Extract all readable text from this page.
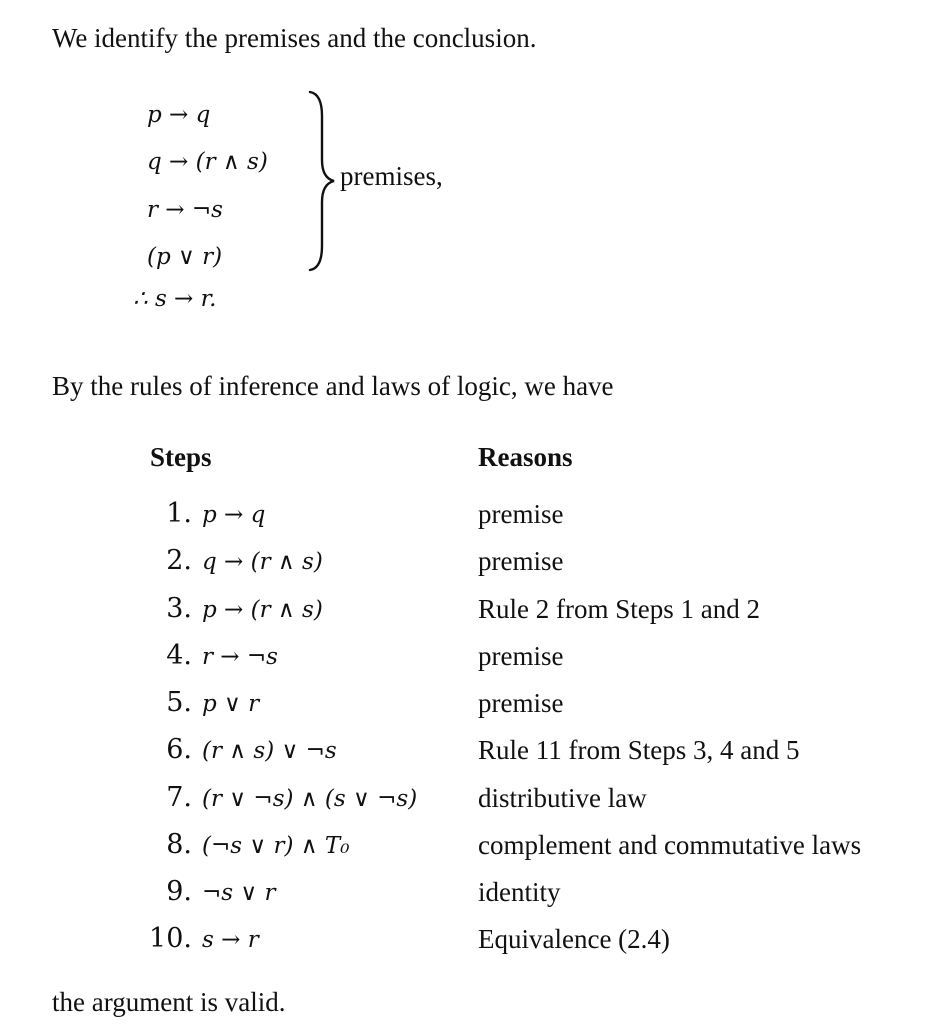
We identify the premises and the conclusion.
p → q
q → (r ∧ s)
r → ¬s
(p ∨ r)
premises,
∴ s → r.
By the rules of inference and laws of logic, we have
Steps	Reasons
1. p → q	premise
2. q → (r ∧ s)	premise
3. p → (r ∧ s)	Rule 2 from Steps 1 and 2
4. r → ¬s	premise
5. p ∨ r	premise
6. (r ∧ s) ∨ ¬s	Rule 11 from Steps 3, 4 and 5
7. (r ∨ ¬s) ∧ (s ∨ ¬s) distributive law
8. (¬s ∨ r) ∧ T₀	complement and commutative laws
9. ¬s ∨ r	identity
10. s → r	Equivalence (2.4)
the argument is valid.
